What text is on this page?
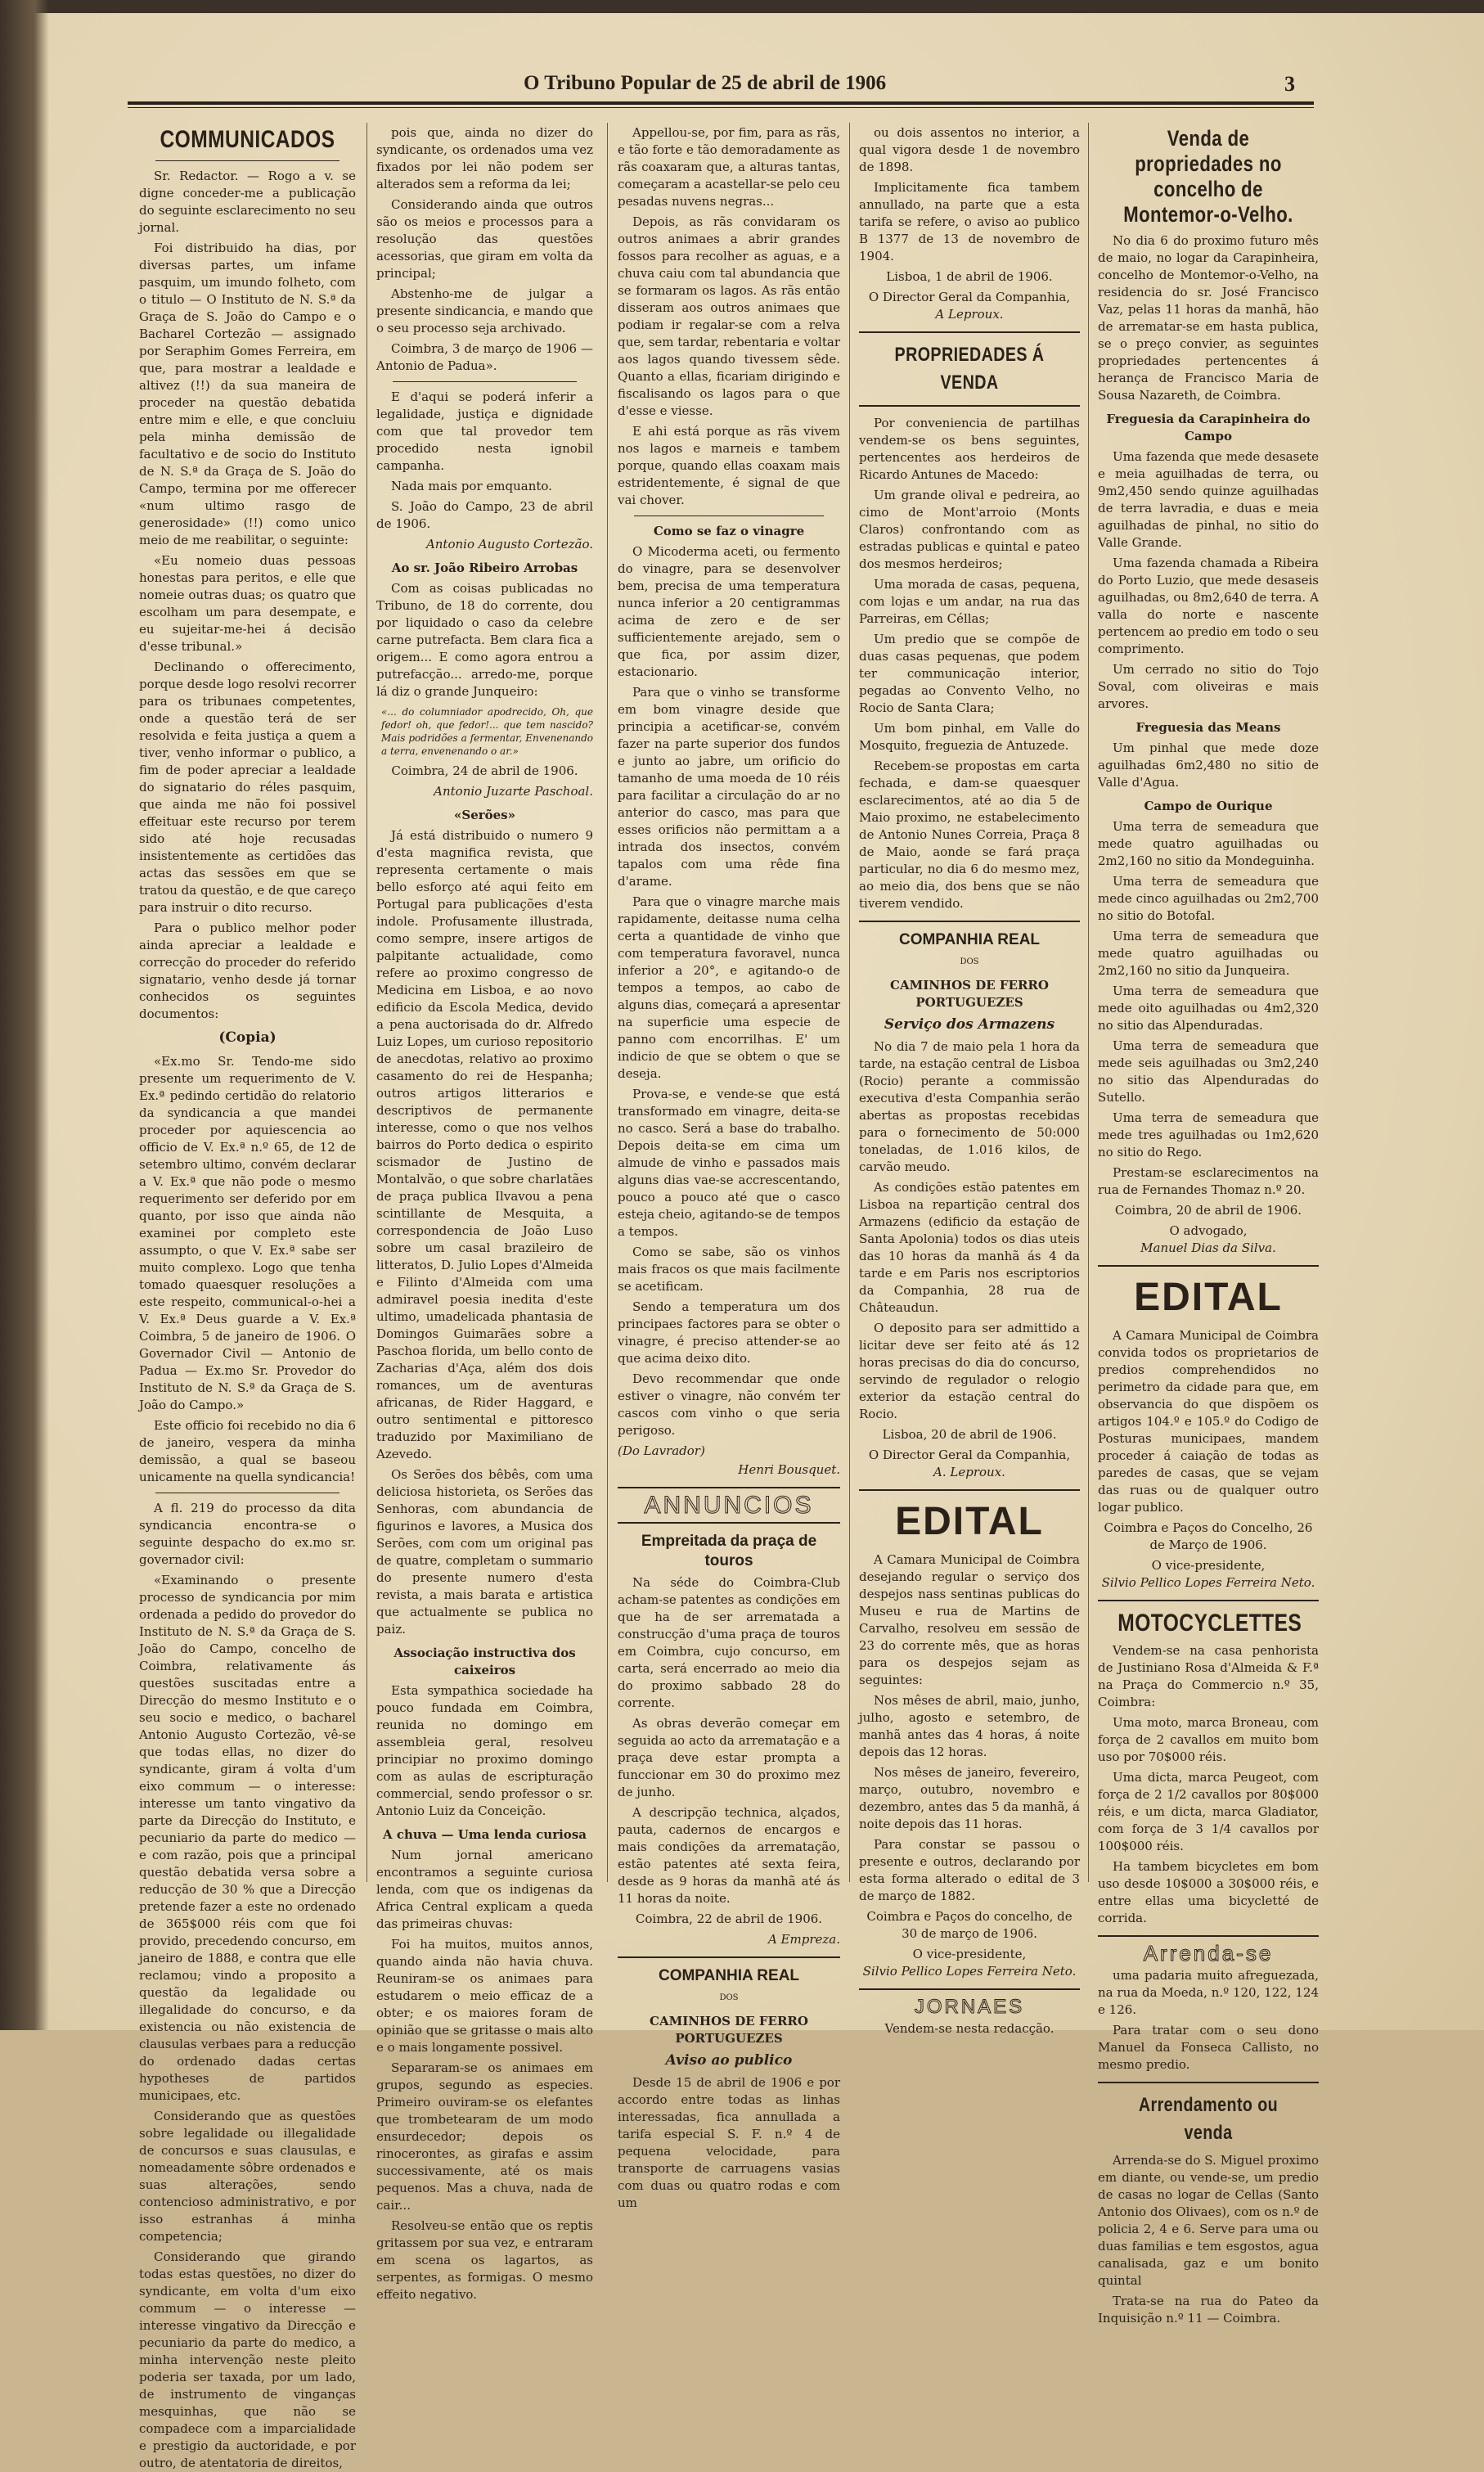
O Tribuno Popular de 25 de abril de 1906	3
COMMUNICADOS

Sr. Redactor. — Rogo a v. se digne conceder-me a publicação do seguinte esclarecimento no seu jornal.

Foi distribuido ha dias, por diversas partes, um infame pasquim, um imundo folheto, com o titulo — O Instituto de N. S.ª da Graça de S. João do Campo e o Bacharel Cortezão — assignado por Seraphim Gomes Ferreira, em que, para mostrar a lealdade e altivez (!!) da sua maneira de proceder na questão debatida entre mim e elle, e que concluiu pela minha demissão de facultativo e de socio do Instituto de N. S.ª da Graça de S. João do Campo, termina por me offerecer «num ultimo rasgo de generosidade» (!!) como unico meio de me reabilitar, o seguinte:

«Eu nomeio duas pessoas honestas para peritos, e elle que nomeie outras duas; os quatro que escolham um para desempate, e eu sujeitar-me-hei á decisão d'esse tribunal.»

Declinando o offerecimento, porque desde logo resolvi recorrer para os tribunaes competentes, onde a questão terá de ser resolvida e feita justiça a quem a tiver, venho informar o publico, a fim de poder apreciar a lealdade do signatario do réles pasquim, que ainda me não foi possivel effeituar este recurso por terem sido até hoje recusadas insistentemente as certidões das actas das sessões em que se tratou da questão, e de que careço para instruir o dito recurso.

Para o publico melhor poder ainda apreciar a lealdade e correcção do proceder do referido signatario, venho desde já tornar conhecidos os seguintes documentos:

(Copia)

«Ex.mo Sr. Tendo-me sido presente um requerimento de V. Ex.ª pedindo certidão do relatorio da syndicancia a que mandei proceder por aquiescencia ao officio de V. Ex.ª n.º 65, de 12 de setembro ultimo, convém declarar a V. Ex.ª que não pode o mesmo requerimento ser deferido por em quanto, por isso que ainda não examinei por completo este assumpto, o que V. Ex.ª sabe ser muito complexo. Logo que tenha tomado quaesquer resoluções a este respeito, communical-o-hei a V. Ex.ª Deus guarde a V. Ex.ª Coimbra, 5 de janeiro de 1906. O Governador Civil — Antonio de Padua — Ex.mo Sr. Provedor do Instituto de N. S.ª da Graça de S. João do Campo.»

Este officio foi recebido no dia 6 de janeiro, vespera da minha demissão, a qual se baseou unicamente na quella syndicancia!

A fl. 219 do processo da dita syndicancia encontra-se o seguinte despacho do ex.mo sr. governador civil:

«Examinando o presente processo de syndicancia por mim ordenada a pedido do provedor do Instituto de N. S.ª da Graça de S. João do Campo, concelho de Coimbra, relativamente ás questões suscitadas entre a Direcção do mesmo Instituto e o seu socio e medico, o bacharel Antonio Augusto Cortezão, vê-se que todas ellas, no dizer do syndicante, giram á volta d'um eixo commum — o interesse: interesse um tanto vingativo da parte da Direcção do Instituto, e pecuniario da parte do medico — e com razão, pois que a principal questão debatida versa sobre a reducção de 30 % que a Direcção pretende fazer a este no ordenado de 365$000 réis com que foi provido, precedendo concurso, em janeiro de 1888, e contra que elle reclamou; vindo a proposito a questão da legalidade ou illegalidade do concurso, e da existencia ou não existencia de clausulas verbaes para a reducção do ordenado dadas certas hypotheses de partidos municipaes, etc.

Considerando que as questões sobre legalidade ou illegalidade de concursos e suas clausulas, e nomeadamente sôbre ordenados e suas alterações, sendo contencioso administrativo, e por isso estranhas á minha competencia;

Considerando que girando todas estas questões, no dizer do syndicante, em volta d'um eixo commum — o interesse — interesse vingativo da Direcção e pecuniario da parte do medico, a minha intervenção neste pleito poderia ser taxada, por um lado, de instrumento de vinganças mesquinhas, que não se compadece com a imparcialidade e prestigio da auctoridade, e por outro, de atentatoria de direitos,

pois que, ainda no dizer do syndicante, os ordenados uma vez fixados por lei não podem ser alterados sem a reforma da lei;

Considerando ainda que outros são os meios e processos para a resolução das questões acessorias, que giram em volta da principal;

Abstenho-me de julgar a presente sindicancia, e mando que o seu processo seja archivado.

Coimbra, 3 de março de 1906 — Antonio de Padua».

E d'aqui se poderá inferir a legalidade, justiça e dignidade com que tal provedor tem procedido nesta ignobil campanha.

Nada mais por emquanto.

S. João do Campo, 23 de abril de 1906.

Antonio Augusto Cortezão.
Ao sr. João Ribeiro Arrobas

Com as coisas publicadas no Tribuno, de 18 do corrente, dou por liquidado o caso da celebre carne putrefacta. Bem clara fica a origem... E como agora entrou a putrefacção... arredo-me, porque lá diz o grande Junqueiro:

«... do columniador apodrecido, Oh, que fedor! oh, que fedor!... que tem nascido? Mais podridões a fermentar, Envenenando a terra, envenenando o ar.»
Coimbra, 24 de abril de 1906.
Antonio Juzarte Paschoal.
«Serões»

Já está distribuido o numero 9 d'esta magnifica revista, que representa certamente o mais bello esforço até aqui feito em Portugal para publicações d'esta indole. Profusamente illustrada, como sempre, insere artigos de palpitante actualidade, como refere ao proximo congresso de Medicina em Lisboa, e ao novo edificio da Escola Medica, devido a pena auctorisada do dr. Alfredo Luiz Lopes, um curioso repositorio de anecdotas, relativo ao proximo casamento do rei de Hespanha; outros artigos litterarios e descriptivos de permanente interesse, como o que nos velhos bairros do Porto dedica o espirito scismador de Justino de Montalvão, o que sobre charlatães de praça publica Ilvavou a pena scintillante de Mesquita, a correspondencia de João Luso sobre um casal brazileiro de litteratos, D. Julio Lopes d'Almeida e Filinto d'Almeida com uma admiravel poesia inedita d'este ultimo, umadelicada phantasia de Domingos Guimarães sobre a Paschoa florida, um bello conto de Zacharias d'Aça, além dos dois romances, um de aventuras africanas, de Rider Haggard, e outro sentimental e pittoresco traduzido por Maximiliano de Azevedo.

Os Serões dos bêbês, com uma deliciosa historieta, os Serões das Senhoras, com abundancia de figurinos e lavores, a Musica dos Serões, com com um original pas de quatre, completam o summario do presente numero d'esta revista, a mais barata e artistica que actualmente se publica no paiz.

Associação instructiva dos caixeiros

Esta sympathica sociedade ha pouco fundada em Coimbra, reunida no domingo em assembleia geral, resolveu principiar no proximo domingo com as aulas de escripturação commercial, sendo professor o sr. Antonio Luiz da Conceição.

A chuva — Uma lenda curiosa

Num jornal americano encontramos a seguinte curiosa lenda, com que os indigenas da Africa Central explicam a queda das primeiras chuvas:

Foi ha muitos, muitos annos, quando ainda não havia chuva. Reuniram-se os animaes para estudarem o meio efficaz de a obter; e os maiores foram de opinião que se gritasse o mais alto e o mais longamente possivel.

Separaram-se os animaes em grupos, segundo as especies. Primeiro ouviram-se os elefantes que trombetearam de um modo ensurdecedor; depois os rinocerontes, as girafas e assim successivamente, até os mais pequenos. Mas a chuva, nada de cair...

Resolveu-se então que os reptis gritassem por sua vez, e entraram em scena os lagartos, as serpentes, as formigas. O mesmo effeito negativo.

Appellou-se, por fim, para as rãs, e tão forte e tão demoradamente as rãs coaxaram que, a alturas tantas, começaram a acastellar-se pelo ceu pesadas nuvens negras...

Depois, as rãs convidaram os outros animaes a abrir grandes fossos para recolher as aguas, e a chuva caiu com tal abundancia que se formaram os lagos. As rãs então disseram aos outros animaes que podiam ir regalar-se com a relva que, sem tardar, rebentaria e voltar aos lagos quando tivessem sêde. Quanto a ellas, ficariam dirigindo e fiscalisando os lagos para o que d'esse e viesse.

E ahi está porque as rãs vivem nos lagos e marneis e tambem porque, quando ellas coaxam mais estridentemente, é signal de que vai chover.

Como se faz o vinagre

O Micoderma aceti, ou fermento do vinagre, para se desenvolver bem, precisa de uma temperatura nunca inferior a 20 centigrammas acima de zero e de ser sufficientemente arejado, sem o que fica, por assim dizer, estacionario.

Para que o vinho se transforme em bom vinagre deside que principia a acetificar-se, convém fazer na parte superior dos fundos e junto ao jabre, um orificio do tamanho de uma moeda de 10 réis para facilitar a circulação do ar no anterior do casco, mas para que esses orificios não permittam a a intrada dos insectos, convém tapalos com uma rêde fina d'arame.

Para que o vinagre marche mais rapidamente, deitasse numa celha certa a quantidade de vinho que com temperatura favoravel, nunca inferior a 20°, e agitando-o de tempos a tempos, ao cabo de alguns dias, começará a apresentar na superficie uma especie de panno com encorrilhas. E' um indicio de que se obtem o que se deseja.

Prova-se, e vende-se que está transformado em vinagre, deita-se no casco. Será a base do trabalho. Depois deita-se em cima um almude de vinho e passados mais alguns dias vae-se accrescentando, pouco a pouco até que o casco esteja cheio, agitando-se de tempos a tempos.

Como se sabe, são os vinhos mais fracos os que mais facilmente se acetificam.

Sendo a temperatura um dos principaes factores para se obter o vinagre, é preciso attender-se ao que acima deixo dito.

Devo recommendar que onde estiver o vinagre, não convém ter cascos com vinho o que seria perigoso.

(Do Lavrador)
Henri Bousquet.
ANNUNCIOS
Empreitada da praça de touros

Na séde do Coimbra-Club acham-se patentes as condições em que ha de ser arrematada a construcção d'uma praça de touros em Coimbra, cujo concurso, em carta, será encerrado ao meio dia do proximo sabbado 28 do corrente.

As obras deverão começar em seguida ao acto da arrematação e a praça deve estar prompta a funccionar em 30 do proximo mez de junho.

A descripção technica, alçados, pauta, cadernos de encargos e mais condições da arrematação, estão patentes até sexta feira, desde as 9 horas da manhã até ás 11 horas da noite.

Coimbra, 22 de abril de 1906.
A Empreza.
COMPANHIA REAL
DOS
CAMINHOS DE FERRO PORTUGUEZES
Aviso ao publico

Desde 15 de abril de 1906 e por accordo entre todas as linhas interessadas, fica annullada a tarifa especial S. F. n.º 4 de pequena velocidade, para transporte de carruagens vasias com duas ou quatro rodas e com um

ou dois assentos no interior, a qual vigora desde 1 de novembro de 1898.

Implicitamente fica tambem annullado, na parte que a esta tarifa se refere, o aviso ao publico B 1377 de 13 de novembro de 1904.

Lisboa, 1 de abril de 1906.
O Director Geral da Companhia,
A Leproux.
PROPRIEDADES Á VENDA

Por conveniencia de partilhas vendem-se os bens seguintes, pertencentes aos herdeiros de Ricardo Antunes de Macedo:

Um grande olival e pedreira, ao cimo de Mont'arroio (Monts Claros) confrontando com as estradas publicas e quintal e pateo dos mesmos herdeiros;

Uma morada de casas, pequena, com lojas e um andar, na rua das Parreiras, em Céllas;

Um predio que se compõe de duas casas pequenas, que podem ter communicação interior, pegadas ao Convento Velho, no Rocio de Santa Clara;

Um bom pinhal, em Valle do Mosquito, freguezia de Antuzede.

Recebem-se propostas em carta fechada, e dam-se quaesquer esclarecimentos, até ao dia 5 de Maio proximo, ne estabelecimento de Antonio Nunes Correia, Praça 8 de Maio, aonde se fará praça particular, no dia 6 do mesmo mez, ao meio dia, dos bens que se não tiverem vendido.

COMPANHIA REAL
DOS
CAMINHOS DE FERRO PORTUGUEZES
Serviço dos Armazens

No dia 7 de maio pela 1 hora da tarde, na estação central de Lisboa (Rocio) perante a commissão executiva d'esta Companhia serão abertas as propostas recebidas para o fornecimento de 50:000 toneladas, de 1.016 kilos, de carvão meudo.

As condições estão patentes em Lisboa na repartição central dos Armazens (edificio da estação de Santa Apolonia) todos os dias uteis das 10 horas da manhã ás 4 da tarde e em Paris nos escriptorios da Companhia, 28 rua de Châteaudun.

O deposito para ser admittido a licitar deve ser feito até ás 12 horas precisas do dia do concurso, servindo de regulador o relogio exterior da estação central do Rocio.

Lisboa, 20 de abril de 1906.
O Director Geral da Companhia,
A. Leproux.
EDITAL

A Camara Municipal de Coimbra desejando regular o serviço dos despejos nass sentinas publicas do Museu e rua de Martins de Carvalho, resolveu em sessão de 23 do corrente mês, que as horas para os despejos sejam as seguintes:

Nos mêses de abril, maio, junho, julho, agosto e setembro, de manhã antes das 4 horas, á noite depois das 12 horas.

Nos mêses de janeiro, fevereiro, março, outubro, novembro e dezembro, antes das 5 da manhã, á noite depois das 11 horas.

Para constar se passou o presente e outros, declarando por esta forma alterado o edital de 3 de março de 1882.

Coimbra e Paços do concelho, de 30 de março de 1906.
O vice-presidente,
Silvio Pellico Lopes Ferreira Neto.
JORNAES
Vendem-se nesta redacção.
Venda de propriedades no concelho de Montemor-o-Velho.

No dia 6 do proximo futuro mês de maio, no logar da Carapinheira, concelho de Montemor-o-Velho, na residencia do sr. José Francisco Vaz, pelas 11 horas da manhã, hão de arrematar-se em hasta publica, se o preço convier, as seguintes propriedades pertencentes á herança de Francisco Maria de Sousa Nazareth, de Coimbra.

Freguesia da Carapinheira do Campo

Uma fazenda que mede desasete e meia aguilhadas de terra, ou 9m2,450 sendo quinze aguilhadas de terra lavradia, e duas e meia aguilhadas de pinhal, no sitio do Valle Grande.

Uma fazenda chamada a Ribeira do Porto Luzio, que mede desaseis aguilhadas, ou 8m2,640 de terra. A valla do norte e nascente pertencem ao predio em todo o seu comprimento.

Um cerrado no sitio do Tojo Soval, com oliveiras e mais arvores.

Freguesia das Means

Um pinhal que mede doze aguilhadas 6m2,480 no sitio de Valle d'Agua.

Campo de Ourique

Uma terra de semeadura que mede quatro aguilhadas ou 2m2,160 no sitio da Mondeguinha.

Uma terra de semeadura que mede cinco aguilhadas ou 2m2,700 no sitio do Botofal.

Uma terra de semeadura que mede quatro aguilhadas ou 2m2,160 no sitio da Junqueira.

Uma terra de semeadura que mede oito aguilhadas ou 4m2,320 no sitio das Alpenduradas.

Uma terra de semeadura que mede seis aguilhadas ou 3m2,240 no sitio das Alpenduradas do Sutello.

Uma terra de semeadura que mede tres aguilhadas ou 1m2,620 no sitio do Rego.

Prestam-se esclarecimentos na rua de Fernandes Thomaz n.º 20.

Coimbra, 20 de abril de 1906.
O advogado,
Manuel Dias da Silva.
EDITAL

A Camara Municipal de Coimbra convida todos os proprietarios de predios comprehendidos no perimetro da cidade para que, em observancia do que dispõem os artigos 104.º e 105.º do Codigo de Posturas municipaes, mandem proceder á caiação de todas as paredes de casas, que se vejam das ruas ou de qualquer outro logar publico.

Coimbra e Paços do Concelho, 26 de Março de 1906.
O vice-presidente,
Silvio Pellico Lopes Ferreira Neto.
MOTOCYCLETTES

Vendem-se na casa penhorista de Justiniano Rosa d'Almeida & F.ª na Praça do Commercio n.º 35, Coimbra:

Uma moto, marca Broneau, com força de 2 cavallos em muito bom uso por 70$000 réis.

Uma dicta, marca Peugeot, com força de 2 1/2 cavallos por 80$000 réis, e um dicta, marca Gladiator, com força de 3 1/4 cavallos por 100$000 réis.

Ha tambem bicycletes em bom uso desde 10$000 a 30$000 réis, e entre ellas uma bicycletté de corrida.

Arrenda-se

uma padaria muito afreguezada, na rua da Moeda, n.º 120, 122, 124 e 126.

Para tratar com o seu dono Manuel da Fonseca Callisto, no mesmo predio.

Arrendamento ou venda

Arrenda-se do S. Miguel proximo em diante, ou vende-se, um predio de casas no logar de Cellas (Santo Antonio dos Olivaes), com os n.º de policia 2, 4 e 6. Serve para uma ou duas familias e tem esgostos, agua canalisada, gaz e um bonito quintal

Trata-se na rua do Pateo da Inquisição n.º 11 — Coimbra.
